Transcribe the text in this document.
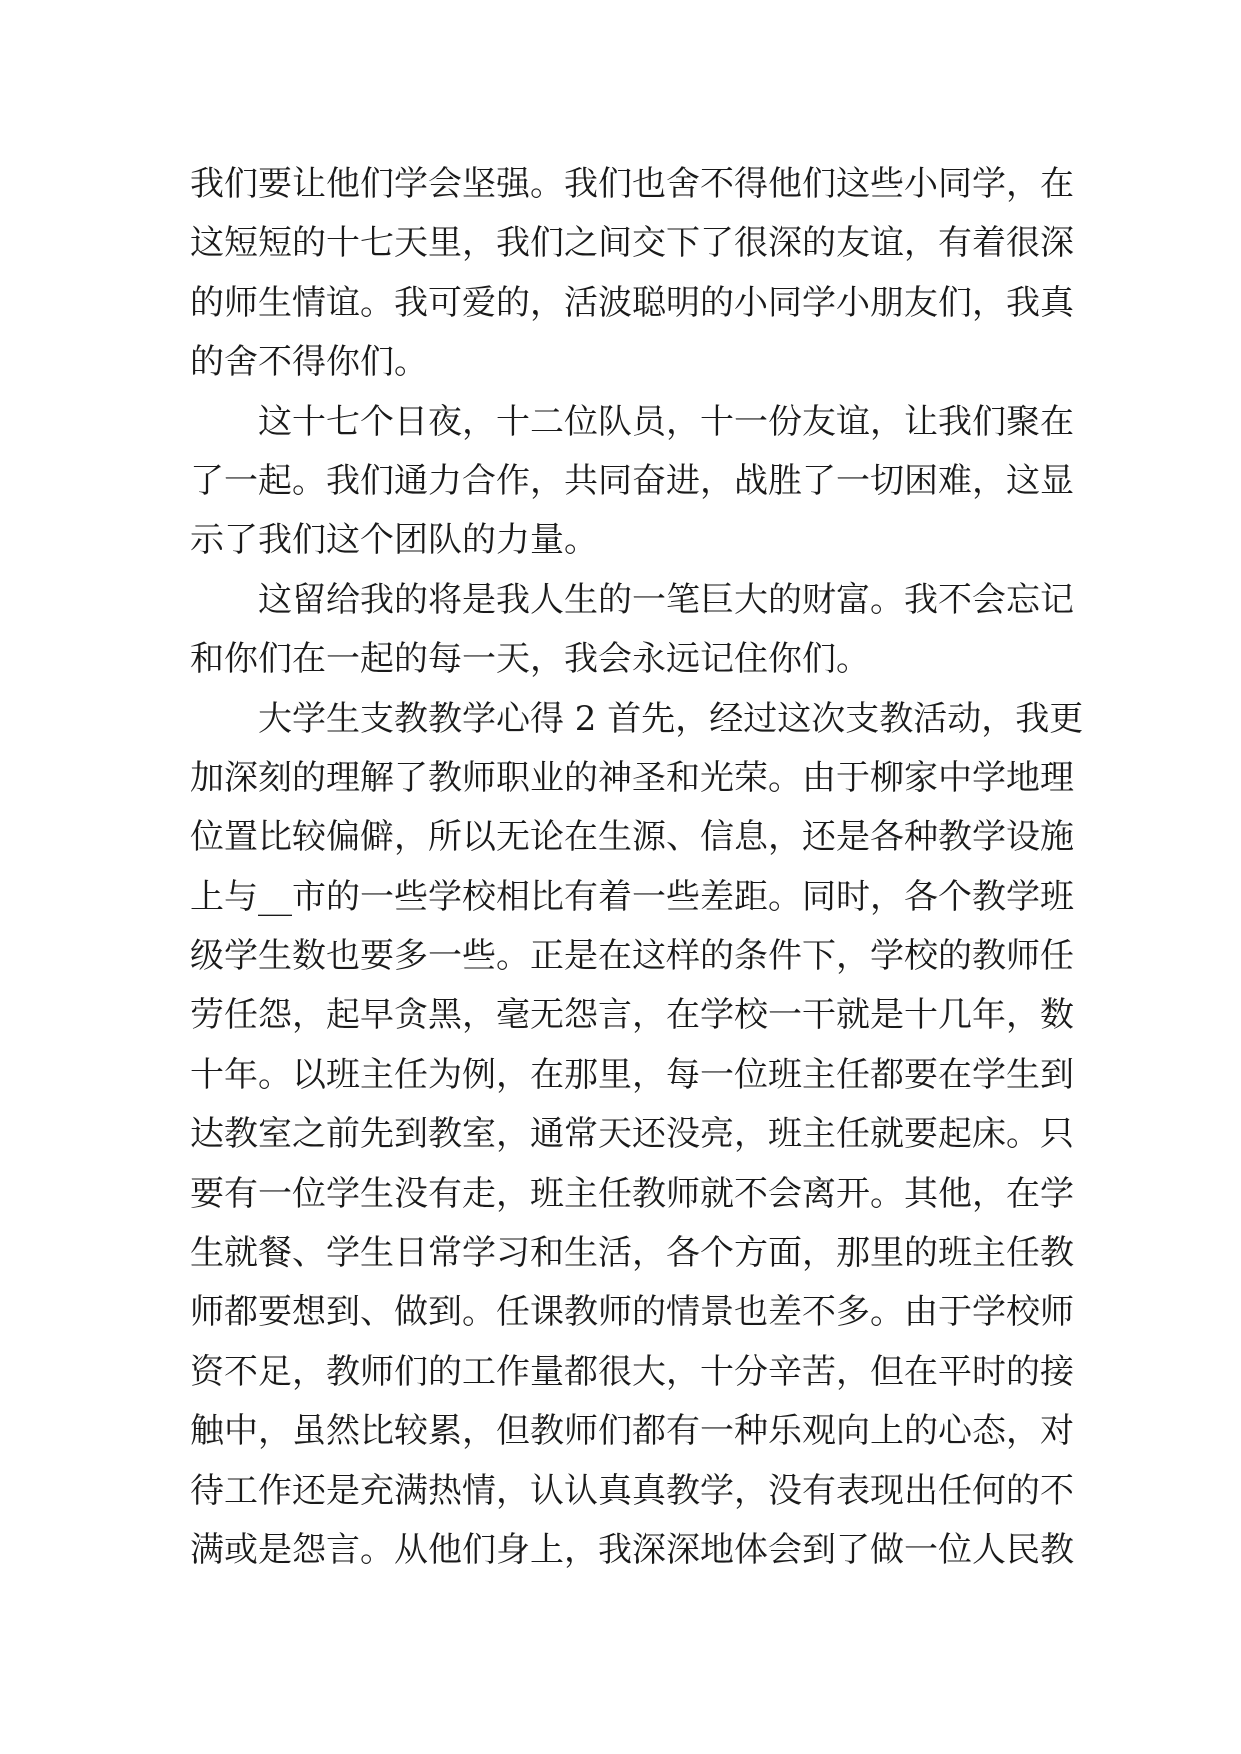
我们要让他们学会坚强。我们也舍不得他们这些小同学，在
这短短的十七天里，我们之间交下了很深的友谊，有着很深
的师生情谊。我可爱的，活波聪明的小同学小朋友们，我真
的舍不得你们。
这十七个日夜，十二位队员，十一份友谊，让我们聚在
了一起。我们通力合作，共同奋进，战胜了一切困难，这显
示了我们这个团队的力量。
这留给我的将是我人生的一笔巨大的财富。我不会忘记
和你们在一起的每一天，我会永远记住你们。
大学生支教教学心得 2 首先，经过这次支教活动，我更
加深刻的理解了教师职业的神圣和光荣。由于柳家中学地理
位置比较偏僻，所以无论在生源、信息，还是各种教学设施
上与__市的一些学校相比有着一些差距。同时，各个教学班
级学生数也要多一些。正是在这样的条件下，学校的教师任
劳任怨，起早贪黑，毫无怨言，在学校一干就是十几年，数
十年。以班主任为例，在那里，每一位班主任都要在学生到
达教室之前先到教室，通常天还没亮，班主任就要起床。只
要有一位学生没有走，班主任教师就不会离开。其他，在学
生就餐、学生日常学习和生活，各个方面，那里的班主任教
师都要想到、做到。任课教师的情景也差不多。由于学校师
资不足，教师们的工作量都很大，十分辛苦，但在平时的接
触中，虽然比较累，但教师们都有一种乐观向上的心态，对
待工作还是充满热情，认认真真教学，没有表现出任何的不
满或是怨言。从他们身上，我深深地体会到了做一位人民教
